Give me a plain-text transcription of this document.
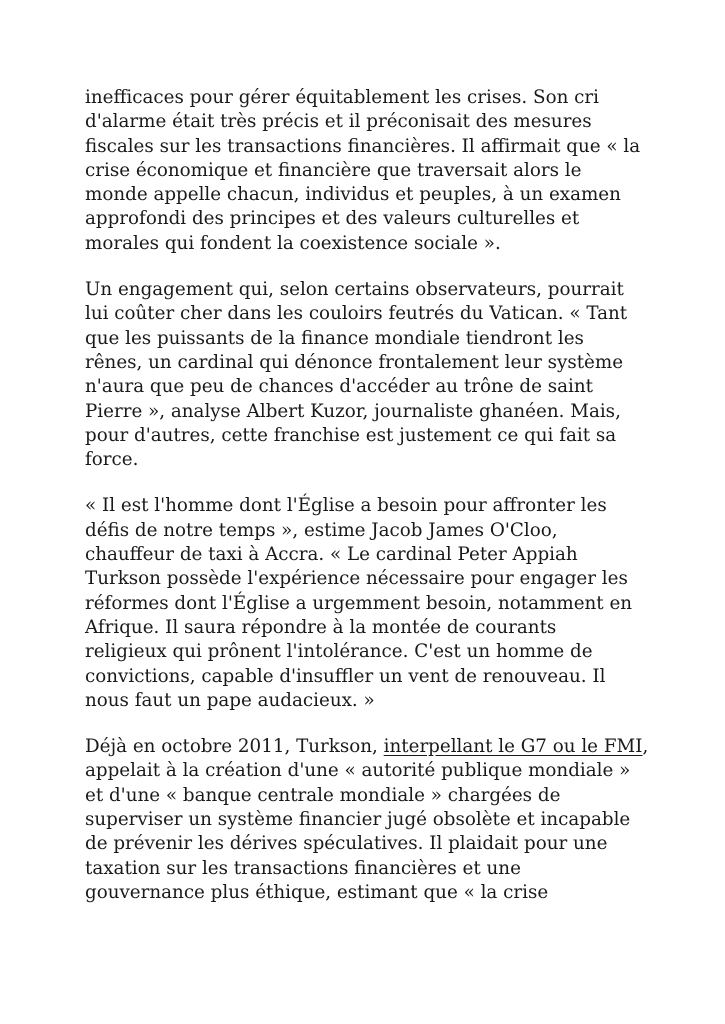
inefficaces pour gérer équitablement les crises. Son cri
d'alarme était très précis et il préconisait des mesures
fiscales sur les transactions financières. Il affirmait que « la
crise économique et financière que traversait alors le
monde appelle chacun, individus et peuples, à un examen
approfondi des principes et des valeurs culturelles et
morales qui fondent la coexistence sociale ».

Un engagement qui, selon certains observateurs, pourrait
lui coûter cher dans les couloirs feutrés du Vatican. « Tant
que les puissants de la finance mondiale tiendront les
rênes, un cardinal qui dénonce frontalement leur système
n'aura que peu de chances d'accéder au trône de saint
Pierre », analyse Albert Kuzor, journaliste ghanéen. Mais,
pour d'autres, cette franchise est justement ce qui fait sa
force.

« Il est l'homme dont l'Église a besoin pour affronter les
défis de notre temps », estime Jacob James O'Cloo,
chauffeur de taxi à Accra. « Le cardinal Peter Appiah
Turkson possède l'expérience nécessaire pour engager les
réformes dont l'Église a urgemment besoin, notamment en
Afrique. Il saura répondre à la montée de courants
religieux qui prônent l'intolérance. C'est un homme de
convictions, capable d'insuffler un vent de renouveau. Il
nous faut un pape audacieux. »

Déjà en octobre 2011, Turkson, interpellant le G7 ou le FMI,
appelait à la création d'une « autorité publique mondiale »
et d'une « banque centrale mondiale » chargées de
superviser un système financier jugé obsolète et incapable
de prévenir les dérives spéculatives. Il plaidait pour une
taxation sur les transactions financières et une
gouvernance plus éthique, estimant que « la crise
